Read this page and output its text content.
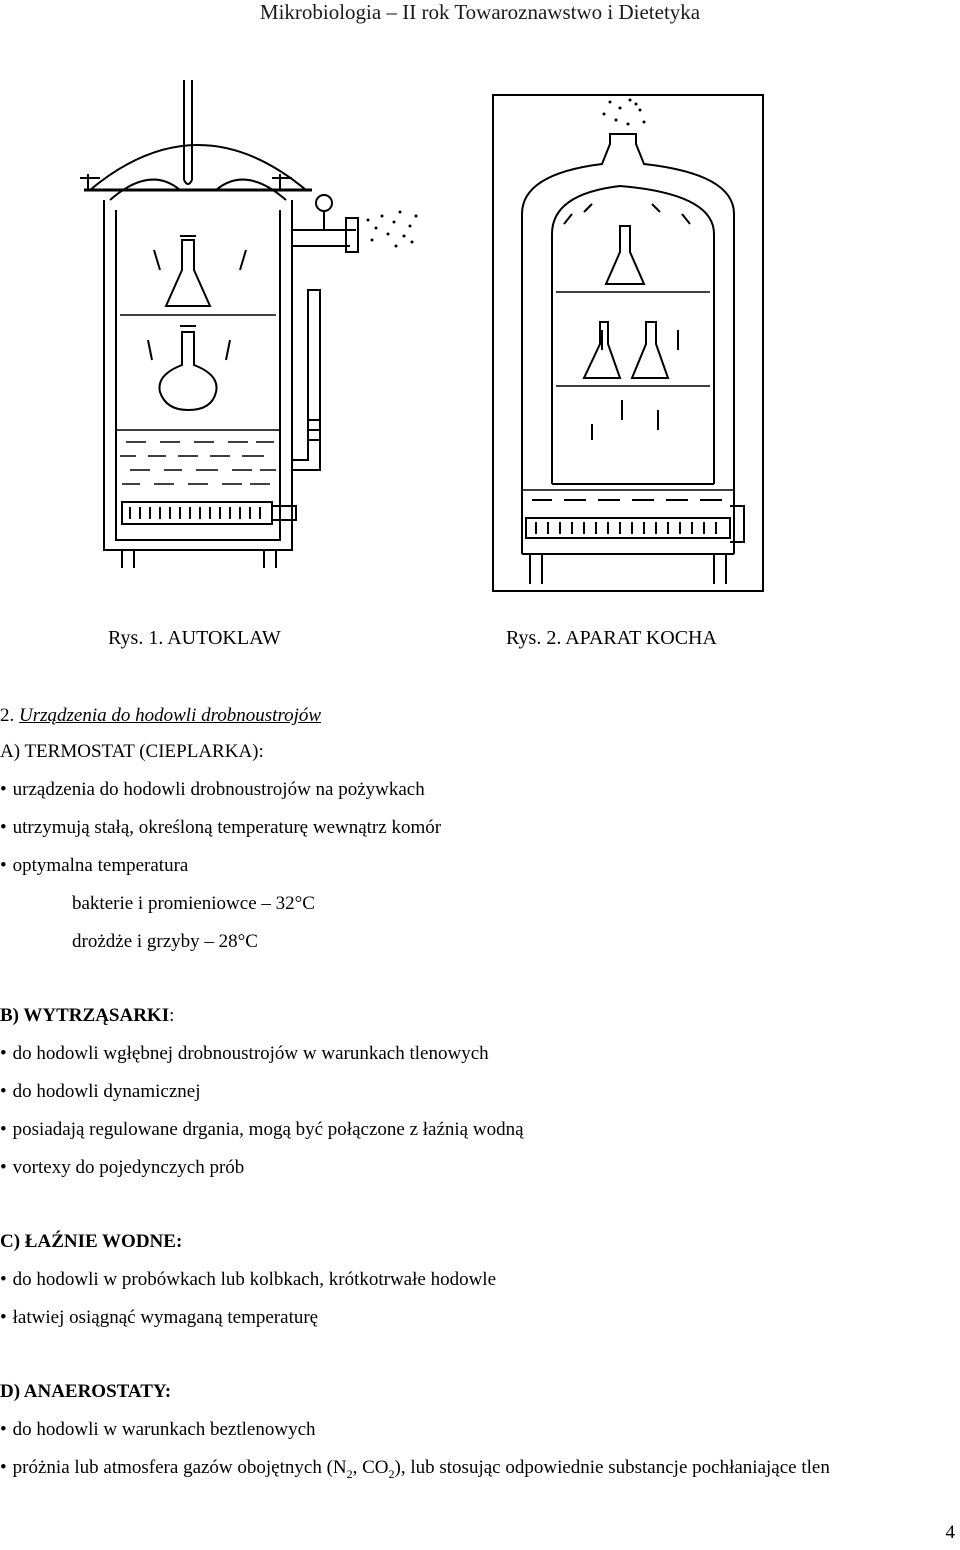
Mikrobiologia – II rok Towaroznawstwo i Dietetyka
Rys. 1. AUTOKLAW	Rys. 2. APARAT KOCHA
2. Urządzenia do hodowli drobnoustrojów
A) TERMOSTAT (CIEPLARKA):
• urządzenia do hodowli drobnoustrojów na pożywkach
• utrzymują stałą, określoną temperaturę wewnątrz komór
• optymalna temperatura
bakterie i promieniowce – 32°C
drożdże i grzyby – 28°C
B) WYTRZĄSARKI:
• do hodowli wgłębnej drobnoustrojów w warunkach tlenowych
• do hodowli dynamicznej
• posiadają regulowane drgania, mogą być połączone z łaźnią wodną
• vortexy do pojedynczych prób
C) ŁAŹNIE WODNE:
• do hodowli w probówkach lub kolbkach, krótkotrwałe hodowle
• łatwiej osiągnąć wymaganą temperaturę
D) ANAEROSTATY:
• do hodowli w warunkach beztlenowych
• próżnia lub atmosfera gazów obojętnych ($N_2$, $CO_2$), lub stosując odpowiednie substancje pochłaniające tlen
4
